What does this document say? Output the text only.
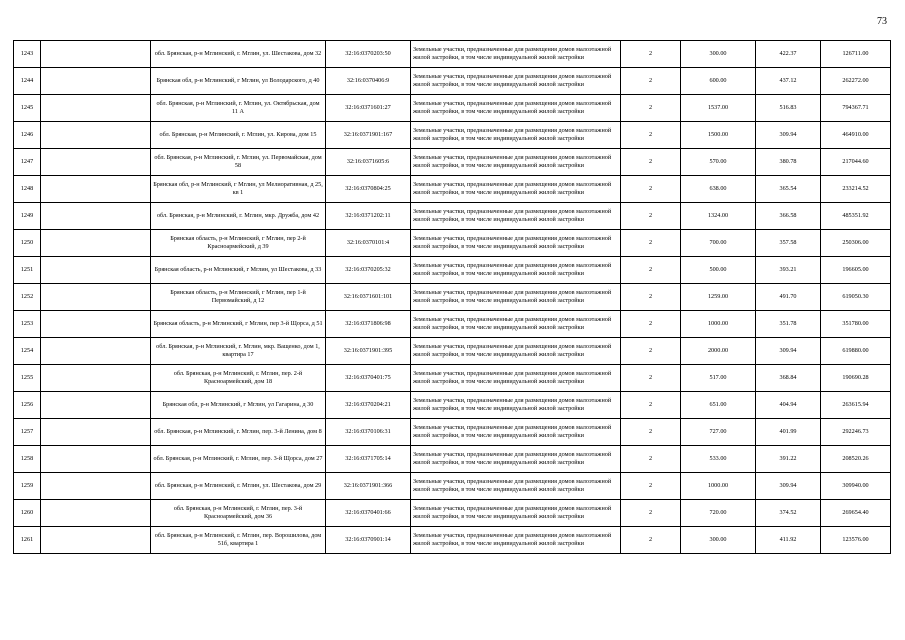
73
1243		обл. Брянская, р-н Мглинский, г. Мглин, ул. Шестакова, дом 32	32:16:0370203:50	Земельные участки, предназначенные для размещения домов малоэтажной жилой застройки, в том числе индивидуальной жилой застройки	2	300.00	422.37	126711.00
1244		Брянская обл, р-н Мглинский, г Мглин, ул Володарского, д 40	32:16:0370406:9	Земельные участки, предназначенные для размещения домов малоэтажной жилой застройки, в том числе индивидуальной жилой застройки	2	600.00	437.12	262272.00
1245		обл. Брянская, р-н Мглинский, г. Мглин, ул. Октябрьская, дом 11 А	32:16:0371601:27	Земельные участки, предназначенные для размещения домов малоэтажной жилой застройки, в том числе индивидуальной жилой застройки	2	1537.00	516.83	794367.71
1246		обл. Брянская, р-н Мглинский, г. Мглин, ул. Кирова, дом 15	32:16:0371901:167	Земельные участки, предназначенные для размещения домов малоэтажной жилой застройки, в том числе индивидуальной жилой застройки	2	1500.00	309.94	464910.00
1247		обл. Брянская, р-н Мглинский, г. Мглин, ул. Первомайская, дом 58	32:16:0371605:6	Земельные участки, предназначенные для размещения домов малоэтажной жилой застройки, в том числе индивидуальной жилой застройки	2	570.00	380.78	217044.60
1248		Брянская обл, р-н Мглинский, г Мглин, ул Мелиоративная, д 25, кв 1	32:16:0370804:25	Земельные участки, предназначенные для размещения домов малоэтажной жилой застройки, в том числе индивидуальной жилой застройки	2	638.00	365.54	233214.52
1249		обл. Брянская, р-н Мглинский, г. Мглин, мкр. Дружба, дом 42	32:16:0371202:11	Земельные участки, предназначенные для размещения домов малоэтажной жилой застройки, в том числе индивидуальной жилой застройки	2	1324.00	366.58	485351.92
1250		Брянская область, р-н Мглинский, г Мглин, пер 2-й Красноармейский, д 39	32:16:0370101:4	Земельные участки, предназначенные для размещения домов малоэтажной жилой застройки, в том числе индивидуальной жилой застройки	2	700.00	357.58	250306.00
1251		Брянская область, р-н Мглинский, г Мглин, ул Шестакова, д 33	32:16:0370205:32	Земельные участки, предназначенные для размещения домов малоэтажной жилой застройки, в том числе индивидуальной жилой застройки	2	500.00	393.21	196605.00
1252		Брянская область, р-н Мглинский, г Мглин, пер 1-й Первомайский, д 12	32:16:0371601:101	Земельные участки, предназначенные для размещения домов малоэтажной жилой застройки, в том числе индивидуальной жилой застройки	2	1259.00	491.70	619050.30
1253		Брянская область, р-н Мглинский, г Мглин, пер 3-й Щорса, д 51	32:16:0371806:98	Земельные участки, предназначенные для размещения домов малоэтажной жилой застройки, в том числе индивидуальной жилой застройки	2	1000.00	351.78	351780.00
1254		обл. Брянская, р-н Мглинский, г. Мглин, мкр. Ващенко, дом 1, квартира 17	32:16:0371901:395	Земельные участки, предназначенные для размещения домов малоэтажной жилой застройки, в том числе индивидуальной жилой застройки	2	2000.00	309.94	619880.00
1255		обл. Брянская, р-н Мглинский, г. Мглин, пер. 2-й Красноармейский, дом 18	32:16:0370401:75	Земельные участки, предназначенные для размещения домов малоэтажной жилой застройки, в том числе индивидуальной жилой застройки	2	517.00	368.84	190690.28
1256		Брянская обл, р-н Мглинский, г Мглин, ул Гагарина, д 30	32:16:0370204:21	Земельные участки, предназначенные для размещения домов малоэтажной жилой застройки, в том числе индивидуальной жилой застройки	2	651.00	404.94	263615.94
1257		обл. Брянская, р-н Мглинский, г. Мглин, пер. 3-й Ленина, дом 8	32:16:0370106:31	Земельные участки, предназначенные для размещения домов малоэтажной жилой застройки, в том числе индивидуальной жилой застройки	2	727.00	401.99	292246.73
1258		обл. Брянская, р-н Мглинский, г. Мглин, пер. 3-й Щорса, дом 27	32:16:0371705:14	Земельные участки, предназначенные для размещения домов малоэтажной жилой застройки, в том числе индивидуальной жилой застройки	2	533.00	391.22	208520.26
1259		обл. Брянская, р-н Мглинский, г. Мглин, ул. Шестакова, дом 29	32:16:0371901:366	Земельные участки, предназначенные для размещения домов малоэтажной жилой застройки, в том числе индивидуальной жилой застройки	2	1000.00	309.94	309940.00
1260		обл. Брянская, р-н Мглинский, г. Мглин, пер. 3-й Красноармейский, дом 36	32:16:0370401:66	Земельные участки, предназначенные для размещения домов малоэтажной жилой застройки, в том числе индивидуальной жилой застройки	2	720.00	374.52	269654.40
1261		обл. Брянская, р-н Мглинский, г. Мглин, пер. Ворошилова, дом 51б, квартира 1	32:16:0370901:14	Земельные участки, предназначенные для размещения домов малоэтажной жилой застройки, в том числе индивидуальной жилой застройки	2	300.00	411.92	123576.00
